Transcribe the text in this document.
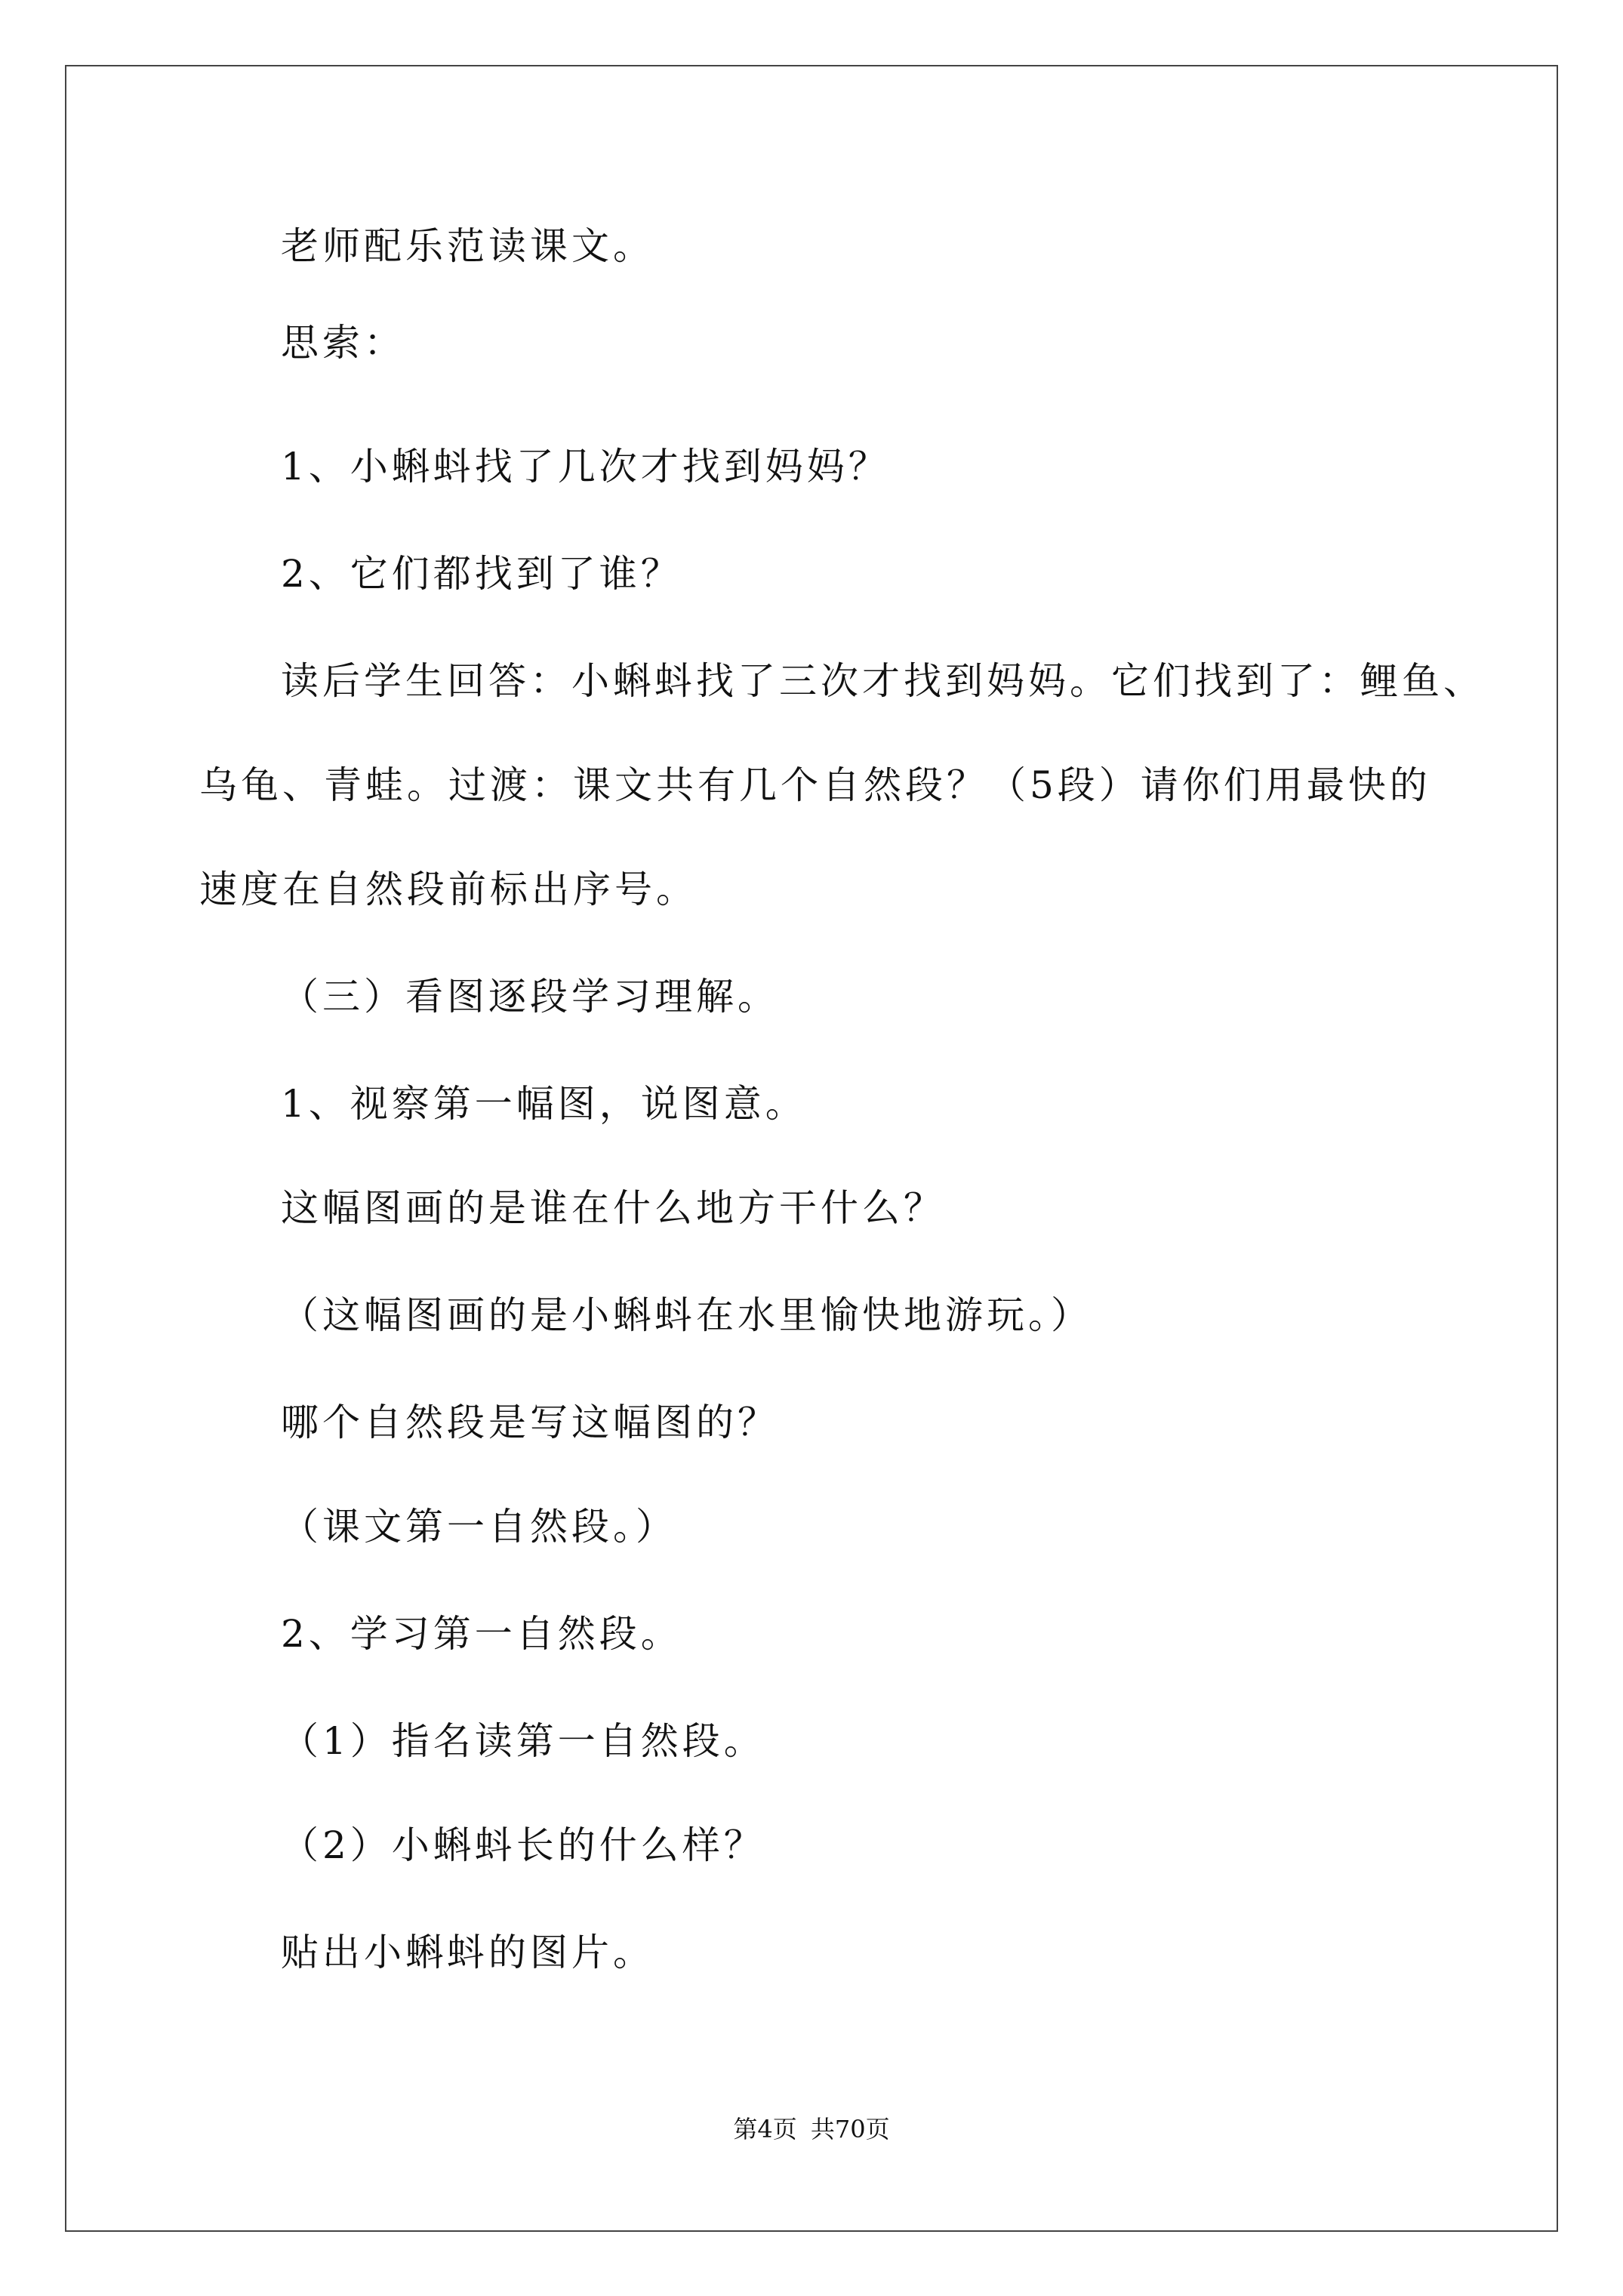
老师配乐范读课文。
思索：
1、小蝌蚪找了几次才找到妈妈？
2、它们都找到了谁？
读后学生回答：小蝌蚪找了三次才找到妈妈。它们找到了：鲤鱼、
乌龟、青蛙。过渡：课文共有几个自然段？（5段）请你们用最快的
速度在自然段前标出序号。
（三）看图逐段学习理解。
1、视察第一幅图，说图意。
这幅图画的是谁在什么地方干什么？
（这幅图画的是小蝌蚪在水里愉快地游玩。）
哪个自然段是写这幅图的？
（课文第一自然段。）
2、学习第一自然段。
（1）指名读第一自然段。
（2）小蝌蚪长的什么样？
贴出小蝌蚪的图片。
第4页 共70页
